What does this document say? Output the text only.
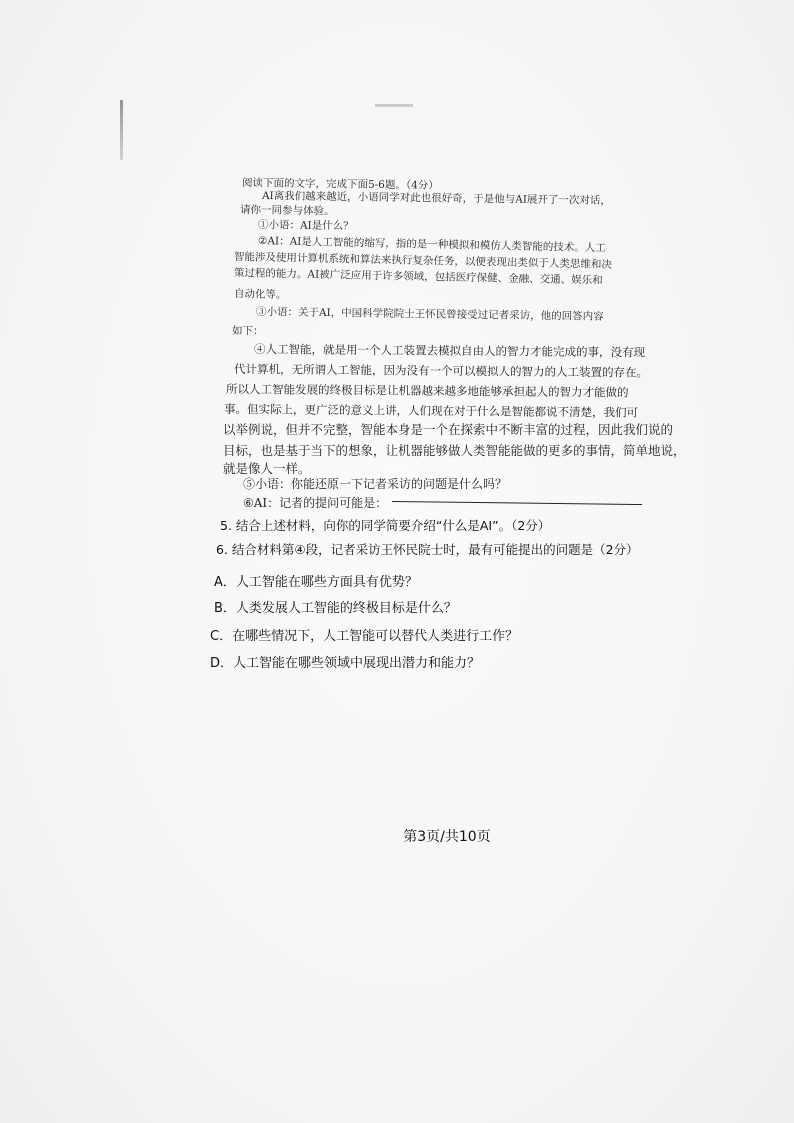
阅读下面的文字，完成下面5-6题。（4分）
AI离我们越来越近，小语同学对此也很好奇，于是他与AI展开了一次对话，
请你一同参与体验。
①小语：AI是什么？
②AI：AI是人工智能的缩写，指的是一种模拟和模仿人类智能的技术。人工
智能涉及使用计算机系统和算法来执行复杂任务，以便表现出类似于人类思维和决
策过程的能力。AI被广泛应用于许多领域，包括医疗保健、金融、交通、娱乐和
自动化等。
③小语：关于AI，中国科学院院士王怀民曾接受过记者采访，他的回答内容
如下：
④人工智能，就是用一个人工装置去模拟自由人的智力才能完成的事，没有现
代计算机，无所谓人工智能，因为没有一个可以模拟人的智力的人工装置的存在。
所以人工智能发展的终极目标是让机器越来越多地能够承担起人的智力才能做的
事。但实际上，更广泛的意义上讲，人们现在对于什么是智能都说不清楚，我们可
以举例说，但并不完整，智能本身是一个在探索中不断丰富的过程，因此我们说的
目标，也是基于当下的想象，让机器能够做人类智能能做的更多的事情，简单地说，
就是像人一样。
⑤小语：你能还原一下记者采访的问题是什么吗？
⑥AI：记者的提问可能是：
5. 结合上述材料，向你的同学简要介绍“什么是AI”。（2分）
6. 结合材料第④段，记者采访王怀民院士时，最有可能提出的问题是（2分）
A．人工智能在哪些方面具有优势？
B．人类发展人工智能的终极目标是什么？
C．在哪些情况下，人工智能可以替代人类进行工作？
D．人工智能在哪些领域中展现出潜力和能力？
第3页/共10页
